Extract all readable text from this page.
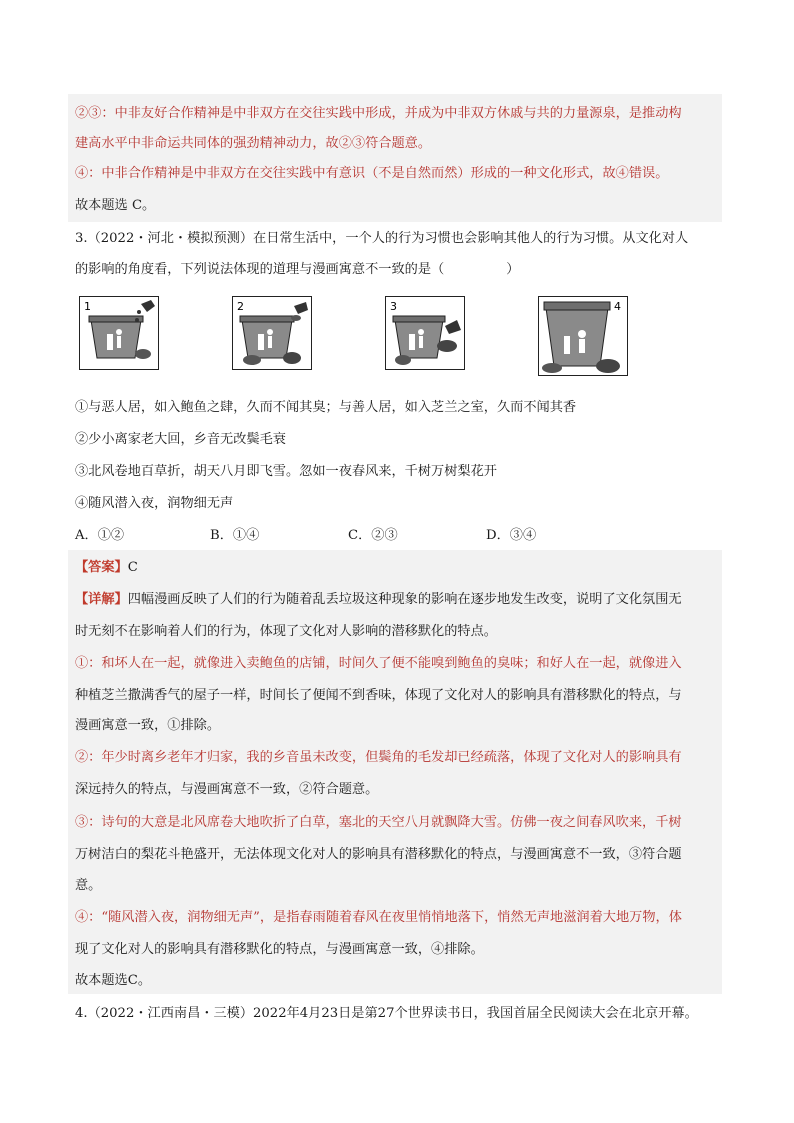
②③：中非友好合作精神是中非双方在交往实践中形成，并成为中非双方休戚与共的力量源泉，是推动构
建高水平中非命运共同体的强劲精神动力，故②③符合题意。
④：中非合作精神是中非双方在交往实践中有意识（不是自然而然）形成的一种文化形式，故④错误。
故本题选 C。
3.（2022・河北・模拟预测）在日常生活中，一个人的行为习惯也会影响其他人的行为习惯。从文化对人
的影响的角度看，下列说法体现的道理与漫画寓意不一致的是（	）
1	2	3	4
①与恶人居，如入鲍鱼之肆，久而不闻其臭；与善人居，如入芝兰之室，久而不闻其香
②少小离家老大回，乡音无改鬓毛衰
③北风卷地百草折，胡天八月即飞雪。忽如一夜春风来，千树万树梨花开
④随风潜入夜，润物细无声
A．①②	B．①④	C．②③	D．③④
【答案】C
【详解】四幅漫画反映了人们的行为随着乱丢垃圾这种现象的影响在逐步地发生改变，说明了文化氛围无
时无刻不在影响着人们的行为，体现了文化对人影响的潜移默化的特点。
①：和坏人在一起，就像进入卖鲍鱼的店铺，时间久了便不能嗅到鲍鱼的臭味；和好人在一起，就像进入
种植芝兰撒满香气的屋子一样，时间长了便闻不到香味，体现了文化对人的影响具有潜移默化的特点，与
漫画寓意一致，①排除。
②：年少时离乡老年才归家，我的乡音虽未改变，但鬓角的毛发却已经疏落，体现了文化对人的影响具有
深远持久的特点，与漫画寓意不一致，②符合题意。
③：诗句的大意是北风席卷大地吹折了白草，塞北的天空八月就飘降大雪。仿佛一夜之间春风吹来，千树
万树洁白的梨花斗艳盛开，无法体现文化对人的影响具有潜移默化的特点，与漫画寓意不一致，③符合题
意。
④：“随风潜入夜，润物细无声”，是指春雨随着春风在夜里悄悄地落下，悄然无声地滋润着大地万物，体
现了文化对人的影响具有潜移默化的特点，与漫画寓意一致，④排除。
故本题选C。
4.（2022・江西南昌・三模）2022年4月23日是第27个世界读书日，我国首届全民阅读大会在北京开幕。
